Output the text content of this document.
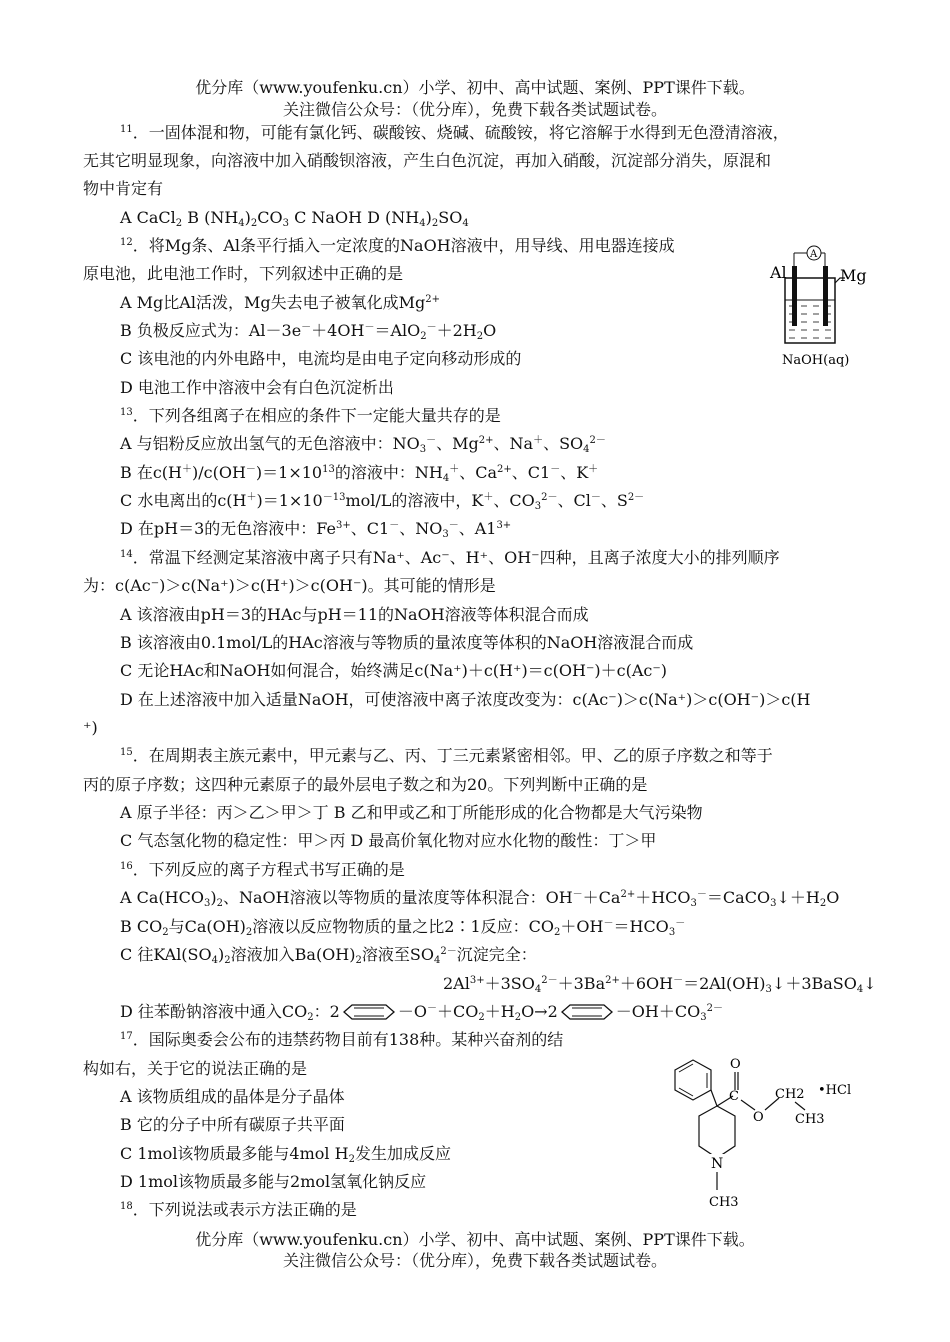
优分库（www.youfenku.cn）小学、初中、高中试题、案例、PPT课件下载。
关注微信公众号：（优分库），免费下载各类试题试卷。
$^{11}$．一固体混和物，可能有氯化钙、碳酸铵、烧碱、硫酸铵，将它溶解于水得到无色澄清溶液，
无其它明显现象，向溶液中加入硝酸钡溶液，产生白色沉淀，再加入硝酸，沉淀部分消失，原混和
物中肯定有
A CaCl$_2$ B $(NH_4)_2CO_3$ C NaOH D $(NH_4)_2SO_4$
$^{12}$．将Mg条、Al条平行插入一定浓度的NaOH溶液中，用导线、用电器连接成
原电池，此电池工作时，下列叙述中正确的是
A Mg比Al活泼，Mg失去电子被氧化成$Mg^{2+}$
B 负极反应式为：$Al-3e^-+4OH^-=AlO_2^-+2H_2O$
C 该电池的内外电路中，电流均是由电子定向移动形成的
D 电池工作中溶液中会有白色沉淀析出
A
Al	Mg
NaOH(aq)
$^{13}$．下列各组离子在相应的条件下一定能大量共存的是
A 与铝粉反应放出氢气的无色溶液中：$NO_3^-$、$Mg^{2+}$、Na＋、$SO_4^{2-}$
B 在$c(H^+)/c(OH^-)=1\times 10^{13}$的溶液中：$NH_4^+$、$Ca^{2+}$、C1－、K＋
C 水电离出的$c(H^+)=1\times 10^{-13}mol/L$的溶液中，K＋、$CO_3^{2-}$、Cl－、$S^{2-}$
D 在pH＝3的无色溶液中：$Fe^{3+}$、C1－、$NO_3^-$、$A1^{3+}$
$^{14}$．常温下经测定某溶液中离子只有Na⁺、Ac⁻、H⁺、OH⁻四种，且离子浓度大小的排列顺序
为：c(Ac⁻)＞c(Na⁺)＞c(H⁺)＞c(OH⁻)。其可能的情形是
A 该溶液由pH＝3的HAc与pH＝11的NaOH溶液等体积混合而成
B 该溶液由0.1mol/L的HAc溶液与等物质的量浓度等体积的NaOH溶液混合而成
C 无论HAc和NaOH如何混合，始终满足c(Na⁺)＋c(H⁺)＝c(OH⁻)＋c(Ac⁻)
D 在上述溶液中加入适量NaOH，可使溶液中离子浓度改变为：c(Ac⁻)＞c(Na⁺)＞c(OH⁻)＞c(H
⁺)
$^{15}$．在周期表主族元素中，甲元素与乙、丙、丁三元素紧密相邻。甲、乙的原子序数之和等于
丙的原子序数；这四种元素原子的最外层电子数之和为20。下列判断中正确的是
A 原子半径：丙＞乙＞甲＞丁 B 乙和甲或乙和丁所能形成的化合物都是大气污染物
C 气态氢化物的稳定性：甲＞丙 D 最高价氧化物对应水化物的酸性：丁＞甲
$^{16}$．下列反应的离子方程式书写正确的是
A $Ca(HCO_3)_2$、NaOH溶液以等物质的量浓度等体积混合：$OH^-+Ca^{2+}+HCO_3^-=CaCO_3↓+H_2O$
B $CO_2$与$Ca(OH)_2$溶液以反应物物质的量之比2∶1反应：$CO_2+OH^-=HCO_3^-$
C 往$KAl(SO_4)_2$溶液加入$Ba(OH)_2$溶液至$SO_4^{2-}$沉淀完全：
$2Al^{3+}+3SO_4^{2-}+3Ba^{2+}+6OH^-=2Al(OH)_3↓+3BaSO_4↓$
D 往苯酚钠溶液中通入$CO_2$：2	$-O^-+CO_2+H_2O\to 2$	$-OH+CO_3^{2-}$
$^{17}$．国际奥委会公布的违禁药物目前有138种。某种兴奋剂的结
构如右，关于它的说法正确的是
A 该物质组成的晶体是分子晶体
B 它的分子中所有碳原子共平面
C 1mol该物质最多能与4mol $H_2$发生加成反应
D 1mol该物质最多能与2mol氢氧化钠反应
O
C
O
CH2
CH3
•HCl
N
CH3
$^{18}$．下列说法或表示方法正确的是
优分库（www.youfenku.cn）小学、初中、高中试题、案例、PPT课件下载。
关注微信公众号：（优分库），免费下载各类试题试卷。
